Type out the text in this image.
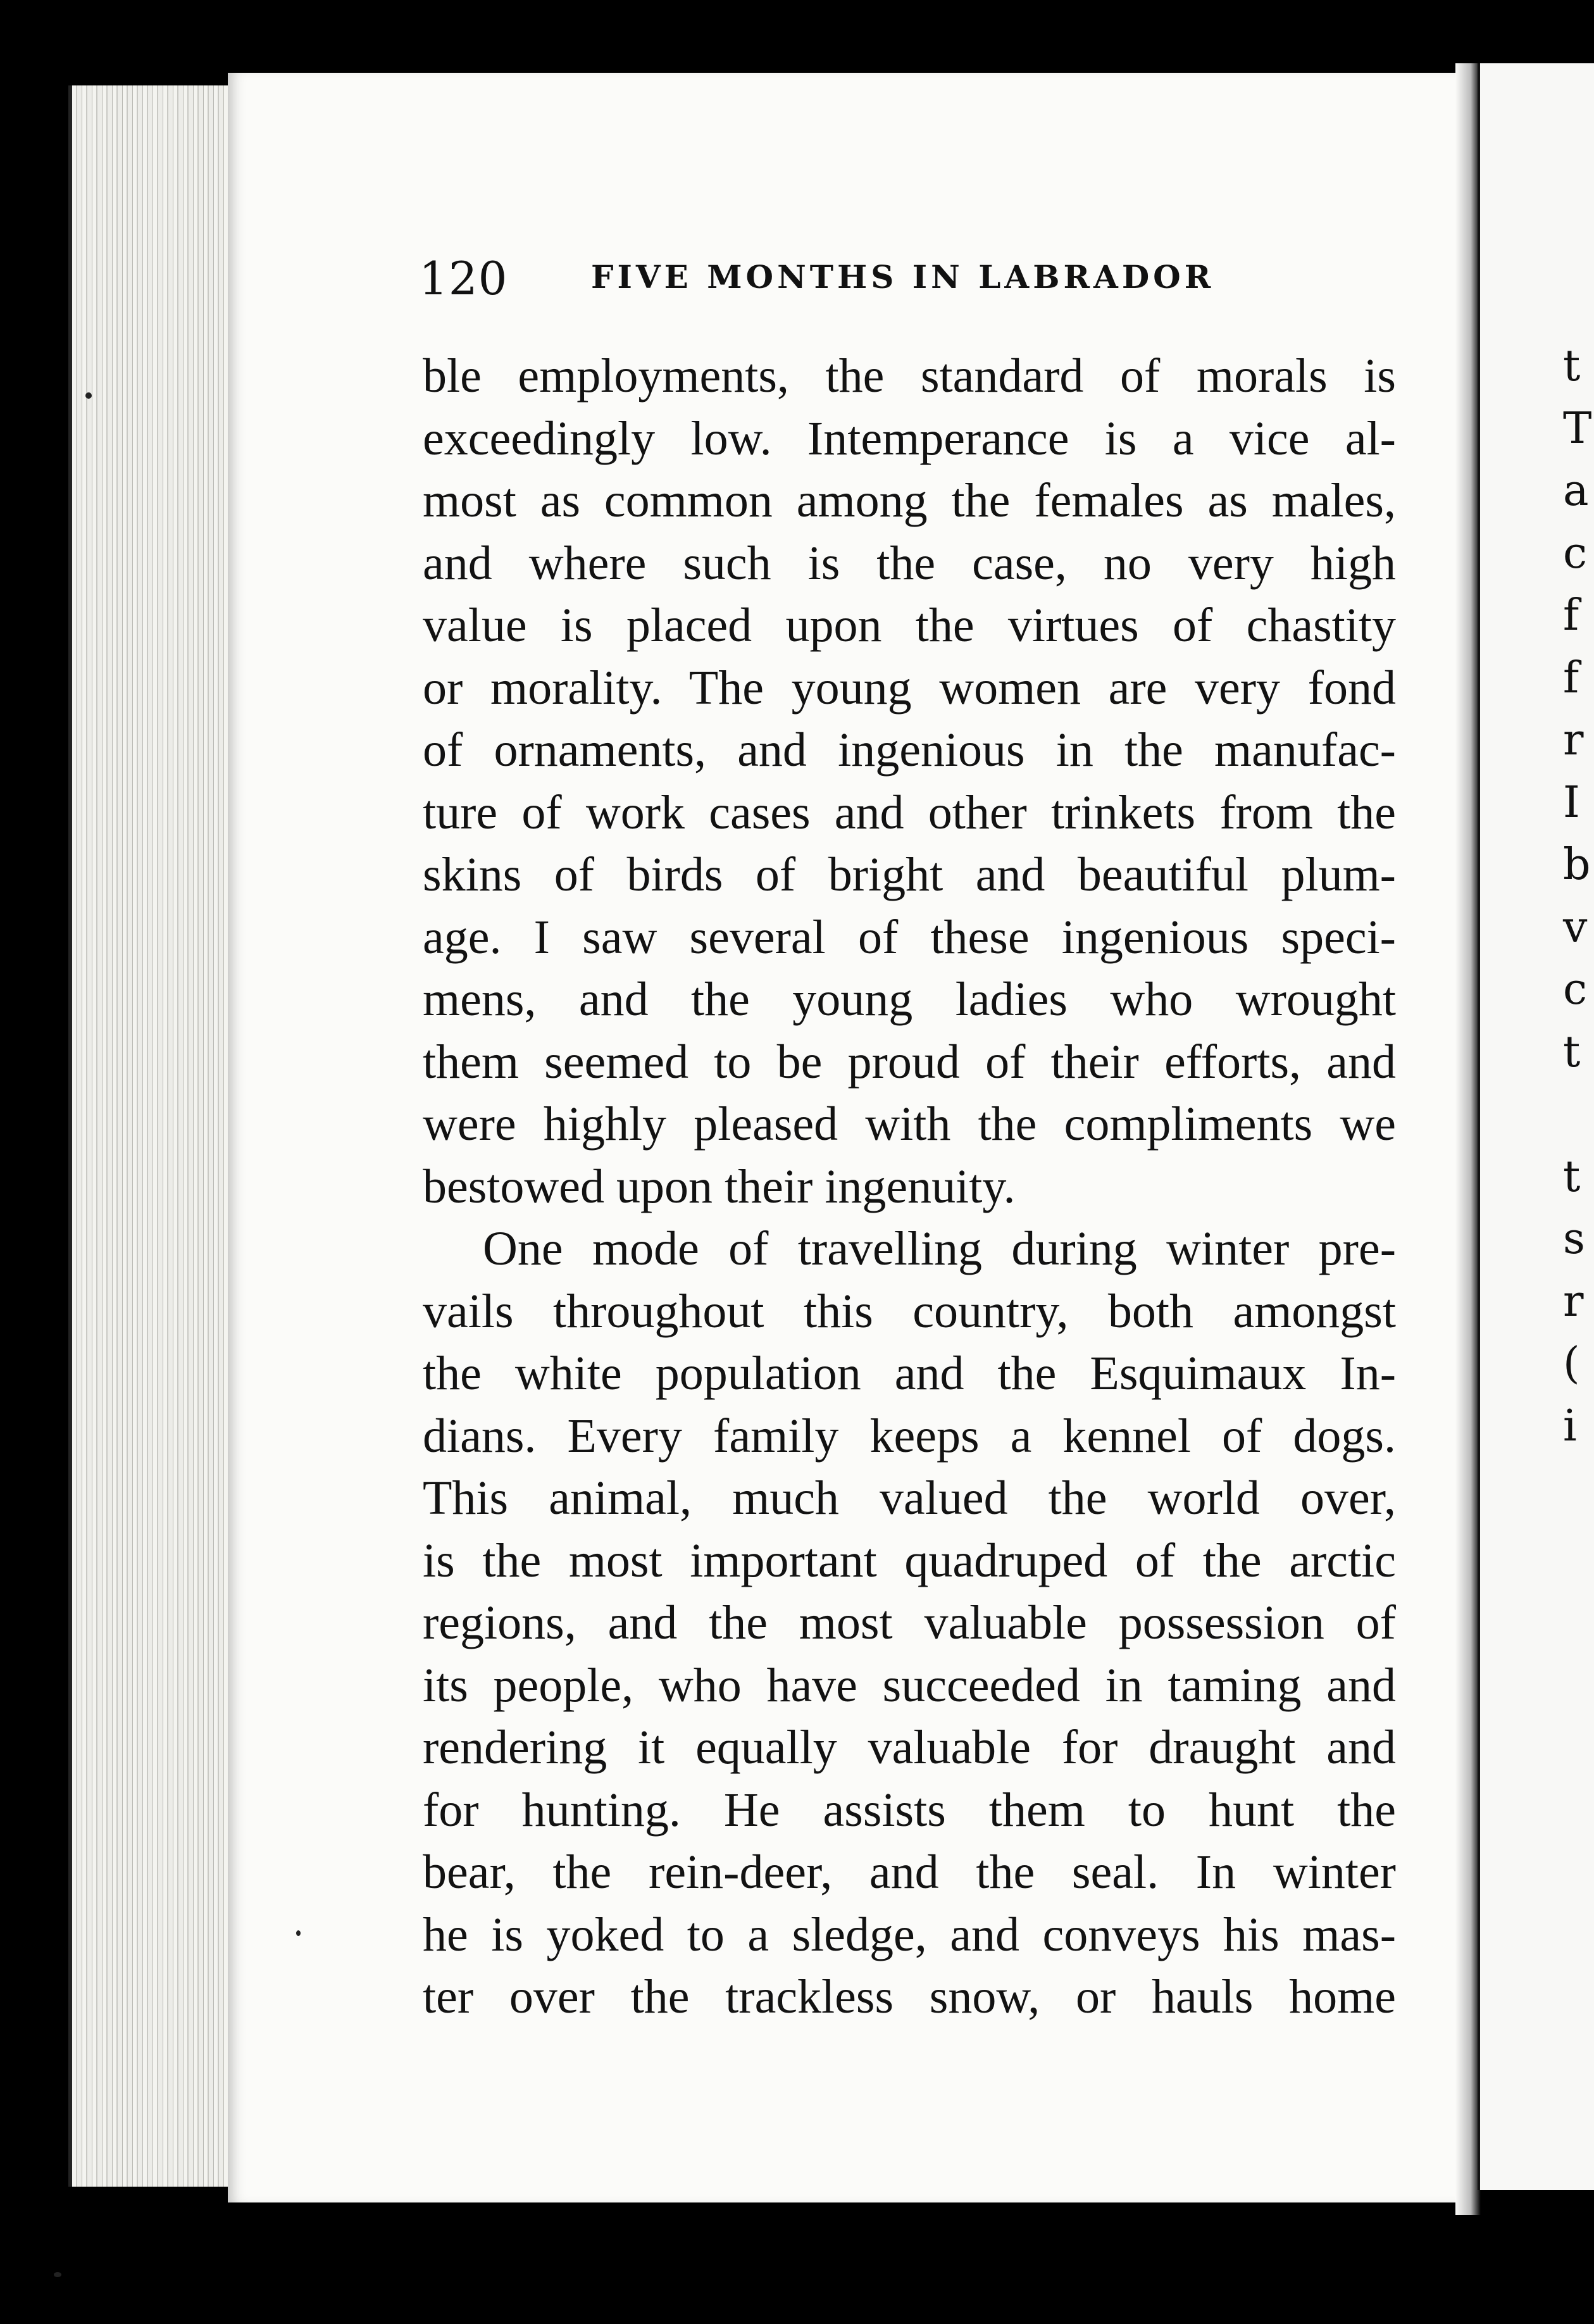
t
T
a
c
f
f
r
I
b
v
c
t
t
s
r
(
i
120	FIVE MONTHS IN LABRADOR
ble employments, the standard of morals is
exceedingly low. Intemperance is a vice al-
most as common among the females as males,
and where such is the case, no very high
value is placed upon the virtues of chastity
or morality. The young women are very fond
of ornaments, and ingenious in the manufac-
ture of work cases and other trinkets from the
skins of birds of bright and beautiful plum-
age. I saw several of these ingenious speci-
mens, and the young ladies who wrought
them seemed to be proud of their efforts, and
were highly pleased with the compliments we
bestowed upon their ingenuity.
One mode of travelling during winter pre-
vails throughout this country, both amongst
the white population and the Esquimaux In-
dians. Every family keeps a kennel of dogs.
This animal, much valued the world over,
is the most important quadruped of the arctic
regions, and the most valuable possession of
its people, who have succeeded in taming and
rendering it equally valuable for draught and
for hunting. He assists them to hunt the
bear, the rein-deer, and the seal. In winter
he is yoked to a sledge, and conveys his mas-
ter over the trackless snow, or hauls home
